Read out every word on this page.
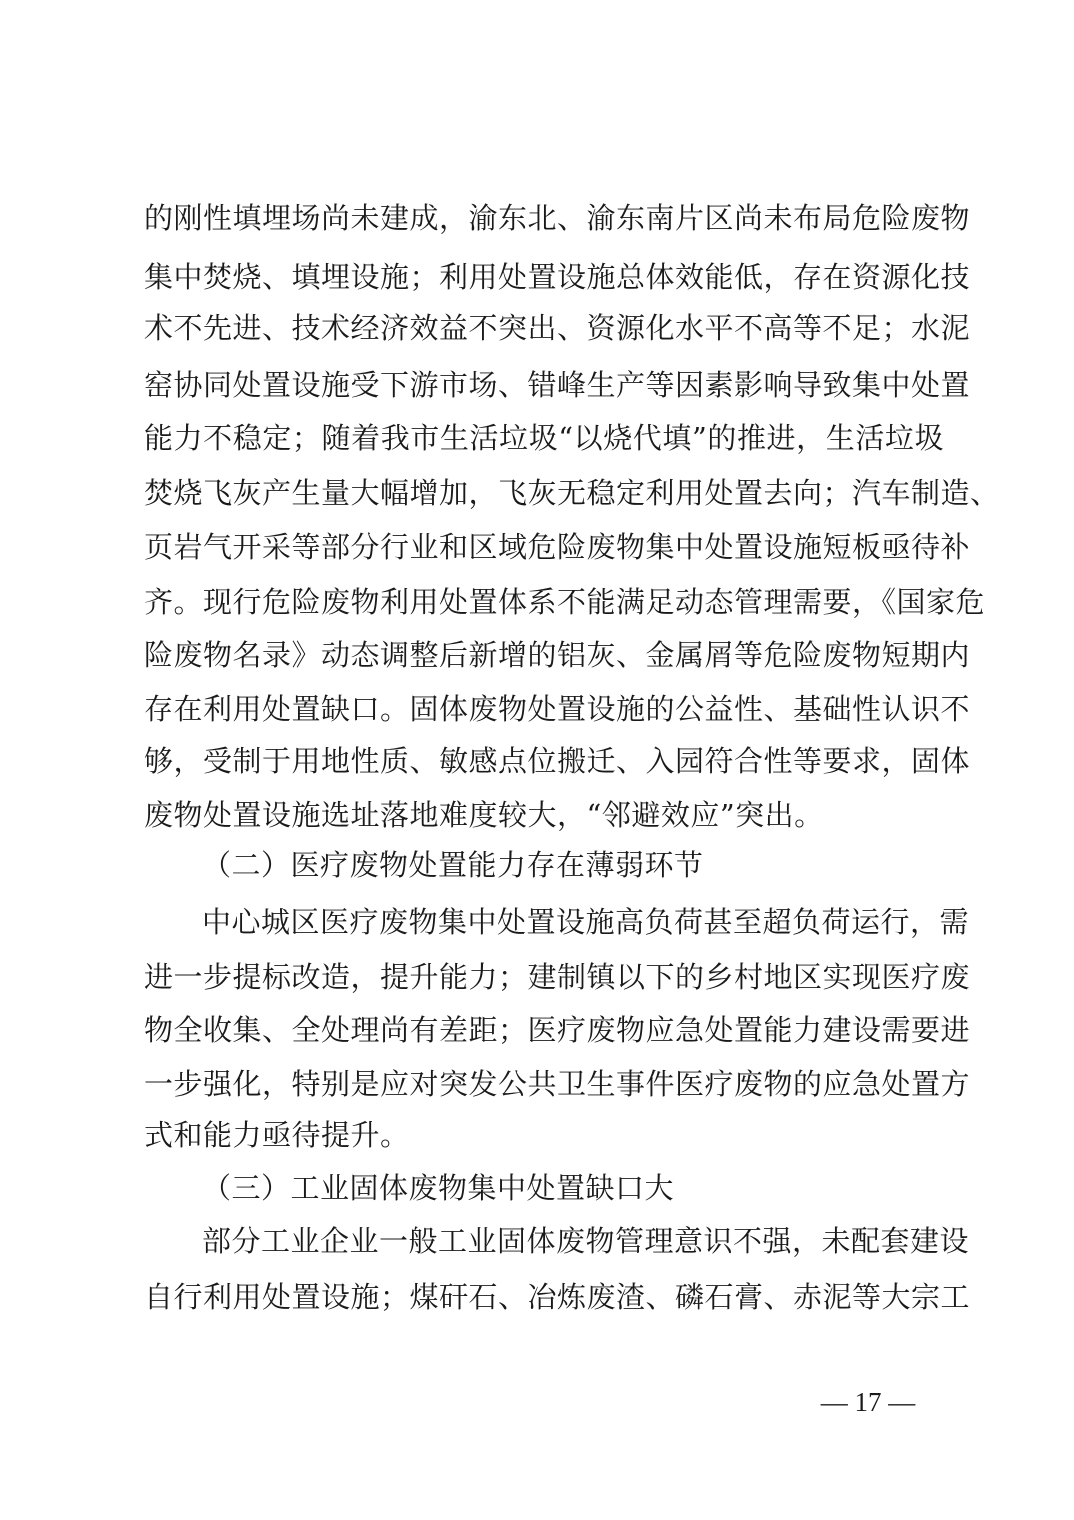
的刚性填埋场尚未建成，渝东北、渝东南片区尚未布局危险废物
集中焚烧、填埋设施；利用处置设施总体效能低，存在资源化技
术不先进、技术经济效益不突出、资源化水平不高等不足；水泥
窑协同处置设施受下游市场、错峰生产等因素影响导致集中处置
能力不稳定；随着我市生活垃圾“以烧代填”的推进，生活垃圾
焚烧飞灰产生量大幅增加，飞灰无稳定利用处置去向；汽车制造、
页岩气开采等部分行业和区域危险废物集中处置设施短板亟待补
齐。现行危险废物利用处置体系不能满足动态管理需要，《国家危
险废物名录》动态调整后新增的铝灰、金属屑等危险废物短期内
存在利用处置缺口。固体废物处置设施的公益性、基础性认识不
够，受制于用地性质、敏感点位搬迁、入园符合性等要求，固体
废物处置设施选址落地难度较大，“邻避效应”突出。
（二）医疗废物处置能力存在薄弱环节
中心城区医疗废物集中处置设施高负荷甚至超负荷运行，需
进一步提标改造，提升能力；建制镇以下的乡村地区实现医疗废
物全收集、全处理尚有差距；医疗废物应急处置能力建设需要进
一步强化，特别是应对突发公共卫生事件医疗废物的应急处置方
式和能力亟待提升。
（三）工业固体废物集中处置缺口大
部分工业企业一般工业固体废物管理意识不强，未配套建设
自行利用处置设施；煤矸石、冶炼废渣、磷石膏、赤泥等大宗工
— 17 —
